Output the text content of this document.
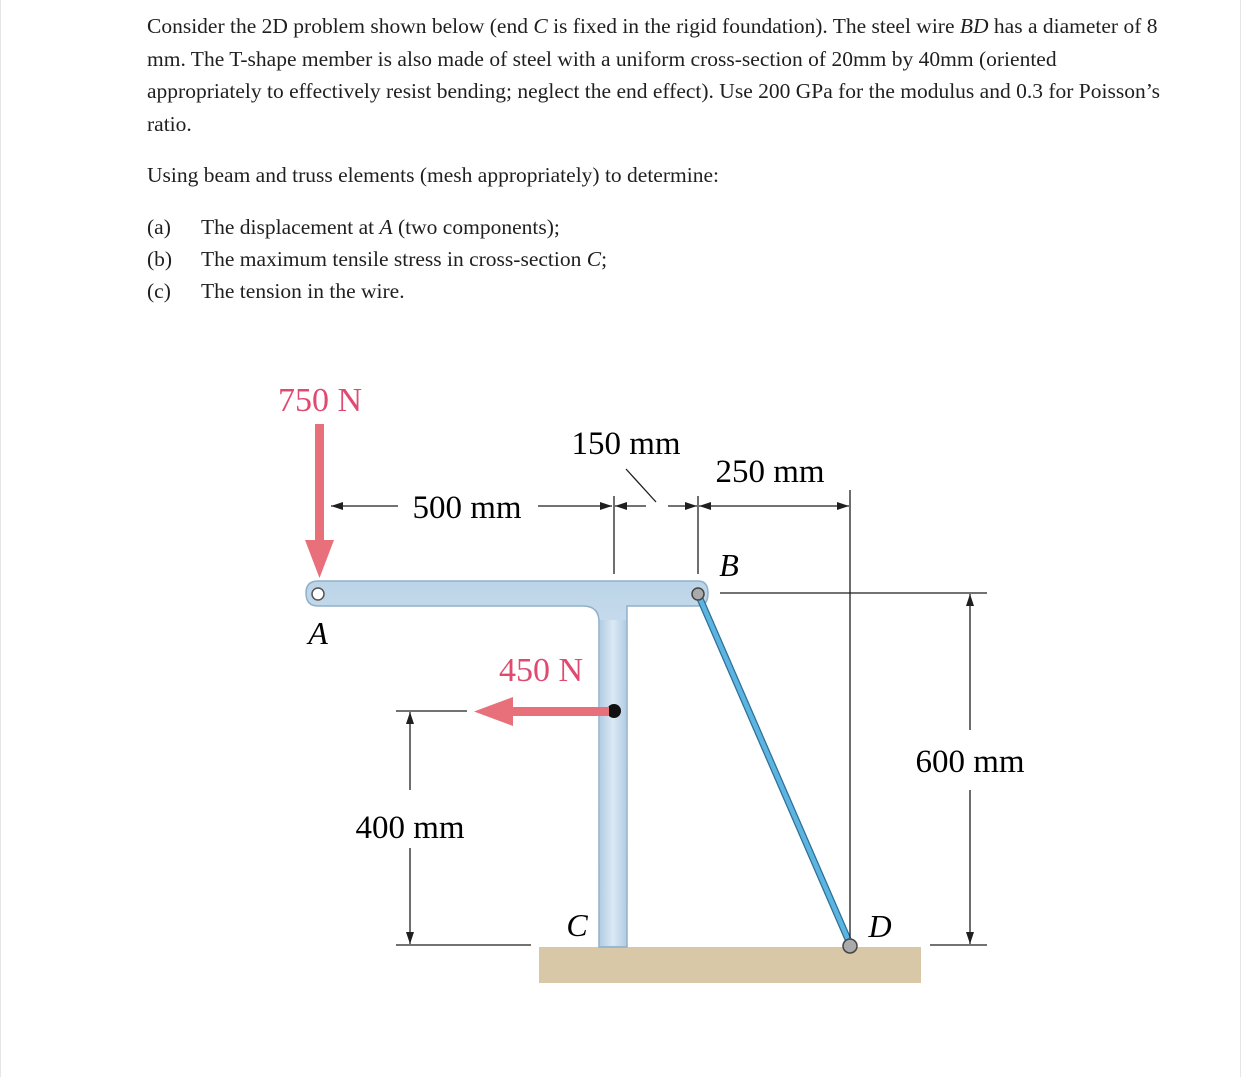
Consider the 2D problem shown below (end C is fixed in the rigid foundation). The steel wire BD has a diameter of 8 mm. The T-shape member is also made of steel with a uniform cross-section of 20mm by 40mm (oriented appropriately to effectively resist bending; neglect the end effect). Use 200 GPa for the modulus and 0.3 for Poisson’s ratio.

Using beam and truss elements (mesh appropriately) to determine:

(a)	The displacement at A (two components);
(b)	The maximum tensile stress in cross-section C;
(c)	The tension in the wire.
750 N
450 N
A
B
C	D
500 mm
150 mm
250 mm
400 mm
600 mm
